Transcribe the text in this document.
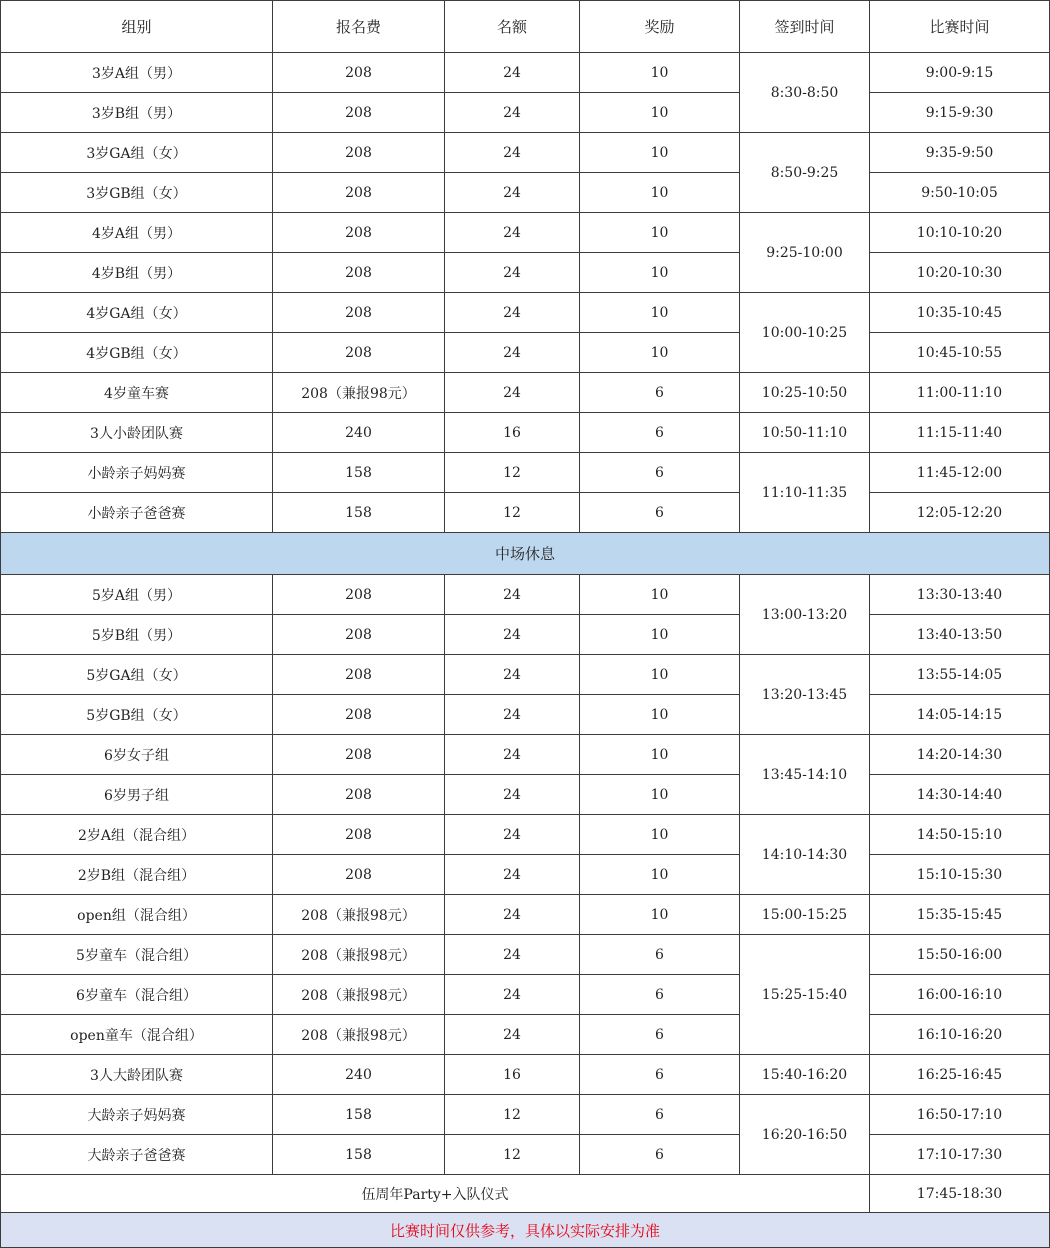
组别	报名费	名额	奖励	签到时间	比赛时间
3岁A组（男）	208	24	10	8:30-8:50	9:00-9:15
3岁B组（男）	208	24	10		9:15-9:30
3岁GA组（女）	208	24	10	8:50-9:25	9:35-9:50
3岁GB组（女）	208	24	10		9:50-10:05
4岁A组（男）	208	24	10	9:25-10:00	10:10-10:20
4岁B组（男）	208	24	10		10:20-10:30
4岁GA组（女）	208	24	10	10:00-10:25	10:35-10:45
4岁GB组（女）	208	24	10		10:45-10:55
4岁童车赛	208（兼报98元）	24	6	10:25-10:50	11:00-11:10
3人小龄团队赛	240	16	6	10:50-11:10	11:15-11:40
小龄亲子妈妈赛	158	12	6	11:10-11:35	11:45-12:00
小龄亲子爸爸赛	158	12	6		12:05-12:20
中场休息					
5岁A组（男）	208	24	10	13:00-13:20	13:30-13:40
5岁B组（男）	208	24	10		13:40-13:50
5岁GA组（女）	208	24	10	13:20-13:45	13:55-14:05
5岁GB组（女）	208	24	10		14:05-14:15
6岁女子组	208	24	10	13:45-14:10	14:20-14:30
6岁男子组	208	24	10		14:30-14:40
2岁A组（混合组）	208	24	10	14:10-14:30	14:50-15:10
2岁B组（混合组）	208	24	10		15:10-15:30
open组（混合组）	208（兼报98元）	24	10	15:00-15:25	15:35-15:45
5岁童车（混合组）	208（兼报98元）	24	6	15:25-15:40	15:50-16:00
6岁童车（混合组）	208（兼报98元）	24	6		16:00-16:10
open童车（混合组）	208（兼报98元）	24	6		16:10-16:20
3人大龄团队赛	240	16	6	15:40-16:20	16:25-16:45
大龄亲子妈妈赛	158	12	6	16:20-16:50	16:50-17:10
大龄亲子爸爸赛	158	12	6		17:10-17:30
伍周年Party+入队仪式					17:45-18:30
比赛时间仅供参考，具体以实际安排为准					
